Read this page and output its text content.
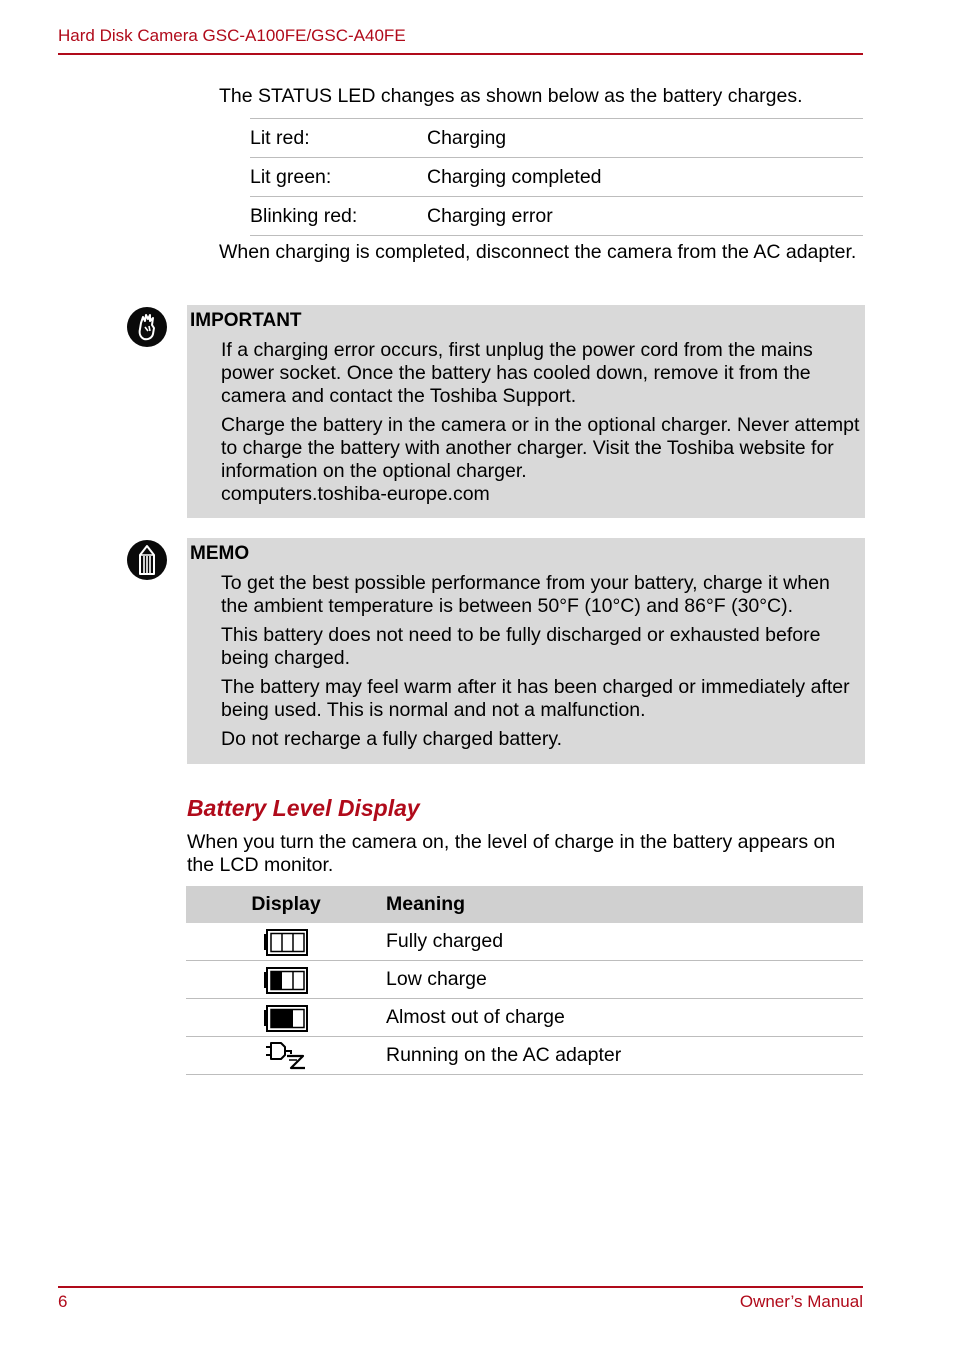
Hard Disk Camera GSC-A100FE/GSC-A40FE
The STATUS LED changes as shown below as the battery charges.
Lit red:	Charging
Lit green:	Charging completed
Blinking red:	Charging error
When charging is completed, disconnect the camera from the AC adapter.
IMPORTANT

If a charging error occurs, first unplug the power cord from the mains power socket. Once the battery has cooled down, remove it from the camera and contact the Toshiba Support.

Charge the battery in the camera or in the optional charger. Never attempt to charge the battery with another charger. Visit the Toshiba website for information on the optional charger.

computers.toshiba-europe.com

MEMO

To get the best possible performance from your battery, charge it when the ambient temperature is between 50°F (10°C) and 86°F (30°C).

This battery does not need to be fully discharged or exhausted before being charged.

The battery may feel warm after it has been charged or immediately after being used. This is normal and not a malfunction.

Do not recharge a fully charged battery.

Battery Level Display
When you turn the camera on, the level of charge in the battery appears on the LCD monitor.
Display	Meaning
	Fully charged
	Low charge
	Almost out of charge
	Running on the AC adapter
6	Owner’s Manual
